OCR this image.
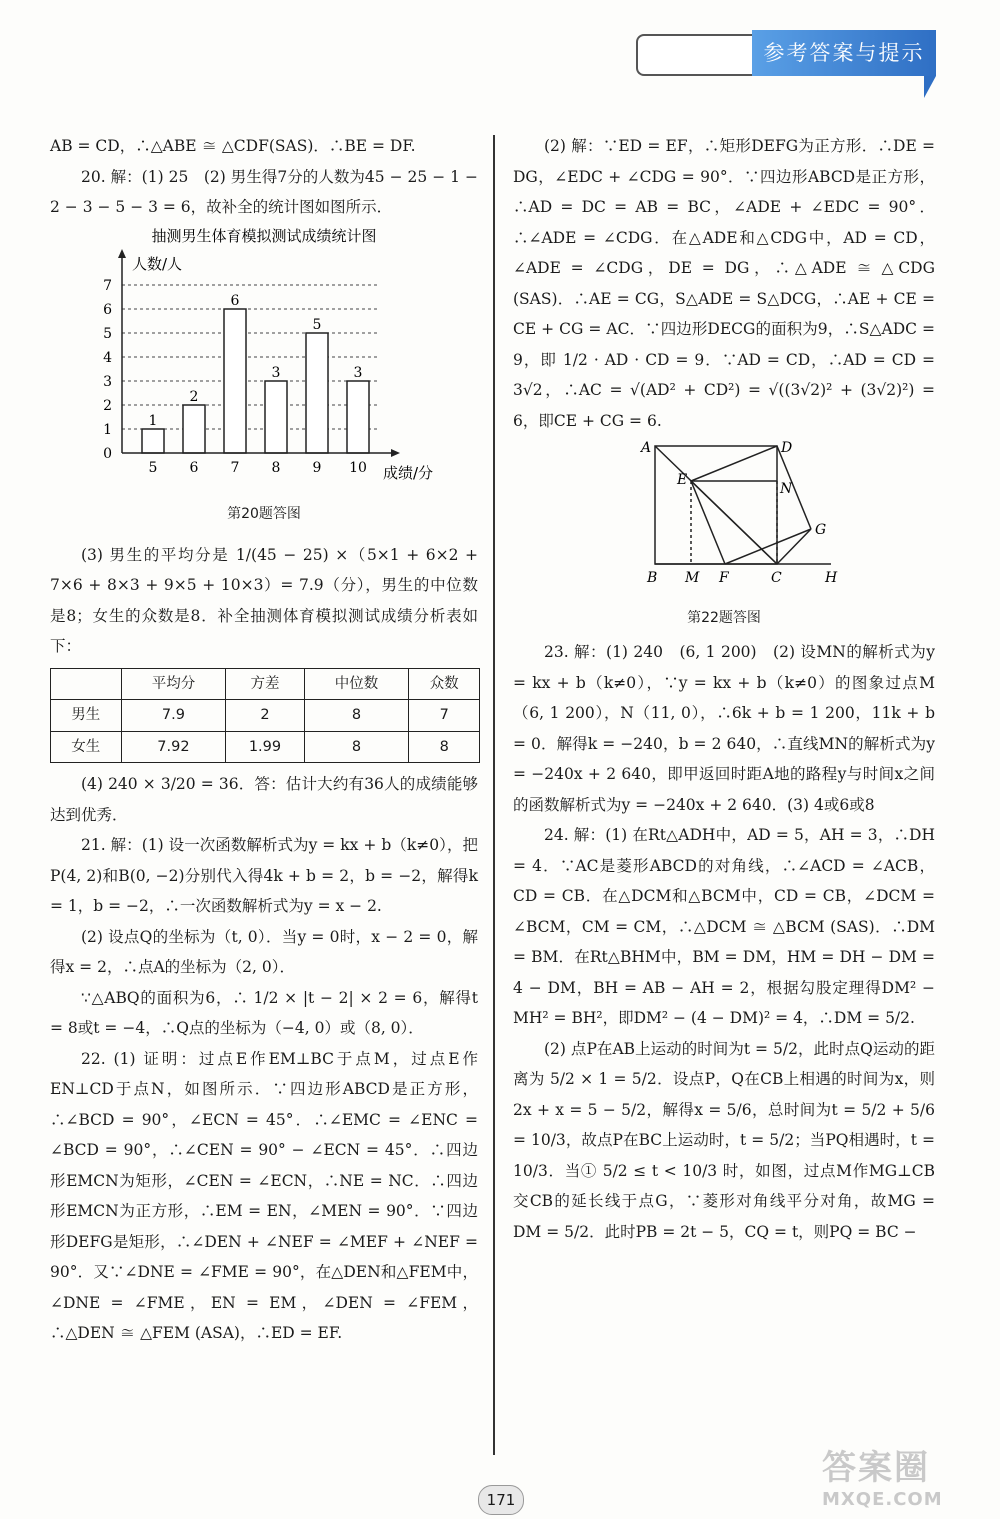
参考答案与提示

AB = CD，∴△ABE ≅ △CDF(SAS)．∴BE = DF.

20. 解：(1) 25　(2) 男生得7分的人数为45 − 25 − 1 − 2 − 3 − 5 − 3 = 6，故补全的统计图如图所示．

抽测男生体育模拟测试成绩统计图
人数/人
成绩/分
1
2
6
3
5
3
0
1
2
3
4
5
6
7
5 6 7 8 9 10
第20题答图

(3) 男生的平均分是 1/(45 − 25) ×（5×1 + 6×2 + 7×6 + 8×3 + 9×5 + 10×3）= 7.9（分），男生的中位数是8；女生的众数是8．补全抽测体育模拟测试成绩分析表如下：

	平均分	方差	中位数	众数
男生	7.9	2	8	7
女生	7.92	1.99	8	8

(4) 240 × 3/20 = 36．答：估计大约有36人的成绩能够达到优秀．

21. 解：(1) 设一次函数解析式为y = kx + b（k≠0），把P(4, 2)和B(0, −2)分别代入得4k + b = 2，b = −2，解得k = 1，b = −2，∴一次函数解析式为y = x − 2.

(2) 设点Q的坐标为（t, 0）．当y = 0时，x − 2 = 0，解得x = 2，∴点A的坐标为（2, 0）．

∵△ABQ的面积为6，∴ 1/2 × |t − 2| × 2 = 6，解得t = 8或t = −4，∴Q点的坐标为（−4, 0）或（8, 0）．

22. (1) 证明：过点E作EM⊥BC于点M，过点E作EN⊥CD于点N，如图所示．∵四边形ABCD是正方形，∴∠BCD = 90°，∠ECN = 45°．∴∠EMC = ∠ENC = ∠BCD = 90°，∴∠CEN = 90° − ∠ECN = 45°．∴四边形EMCN为矩形，∠CEN = ∠ECN，∴NE = NC．∴四边形EMCN为正方形，∴EM = EN，∠MEN = 90°．∵四边形DEFG是矩形，∴∠DEN + ∠NEF = ∠MEF + ∠NEF = 90°．又∵∠DNE = ∠FME = 90°，在△DEN和△FEM中，∠DNE = ∠FME，EN = EM，∠DEN = ∠FEM，∴△DEN ≅ △FEM (ASA)，∴ED = EF.

(2) 解：∵ED = EF，∴矩形DEFG为正方形．∴DE = DG，∠EDC + ∠CDG = 90°．∵四边形ABCD是正方形，∴AD = DC = AB = BC，∠ADE + ∠EDC = 90°．∴∠ADE = ∠CDG．在△ADE和△CDG中，AD = CD，∠ADE = ∠CDG，DE = DG，∴△ADE ≅ △CDG (SAS)．∴AE = CG，S△ADE = S△DCG，∴AE + CE = CE + CG = AC．∵四边形DECG的面积为9，∴S△ADC = 9，即 1/2 · AD · CD = 9．∵AD = CD，∴AD = CD = 3√2，∴AC = √(AD² + CD²) = √((3√2)² + (3√2)²) = 6，即CE + CG = 6.

A	D
E
N
G
B M F	C	H
第22题答图

23. 解：(1) 240　(6, 1 200)　(2) 设MN的解析式为y = kx + b（k≠0），∵y = kx + b（k≠0）的图象过点M（6, 1 200），N（11, 0），∴6k + b = 1 200，11k + b = 0．解得k = −240，b = 2 640，∴直线MN的解析式为y = −240x + 2 640，即甲返回时距A地的路程y与时间x之间的函数解析式为y = −240x + 2 640．(3) 4或6或8

24. 解：(1) 在Rt△ADH中，AD = 5，AH = 3，∴DH = 4．∵AC是菱形ABCD的对角线，∴∠ACD = ∠ACB，CD = CB．在△DCM和△BCM中，CD = CB，∠DCM = ∠BCM，CM = CM，∴△DCM ≅ △BCM (SAS)．∴DM = BM．在Rt△BHM中，BM = DM，HM = DH − DM = 4 − DM，BH = AB − AH = 2，根据勾股定理得DM² − MH² = BH²，即DM² − (4 − DM)² = 4，∴DM = 5/2.

(2) 点P在AB上运动的时间为t = 5/2，此时点Q运动的距离为 5/2 × 1 = 5/2．设点P，Q在CB上相遇的时间为x，则2x + x = 5 − 5/2，解得x = 5/6，总时间为t = 5/2 + 5/6 = 10/3，故点P在BC上运动时，t = 5/2；当PQ相遇时，t = 10/3．当① 5/2 ≤ t < 10/3 时，如图，过点M作MG⊥CB交CB的延长线于点G，∵菱形对角线平分对角，故MG = DM = 5/2．此时PB = 2t − 5，CQ = t，则PQ = BC −

171
答案圈
MXQE.COM
